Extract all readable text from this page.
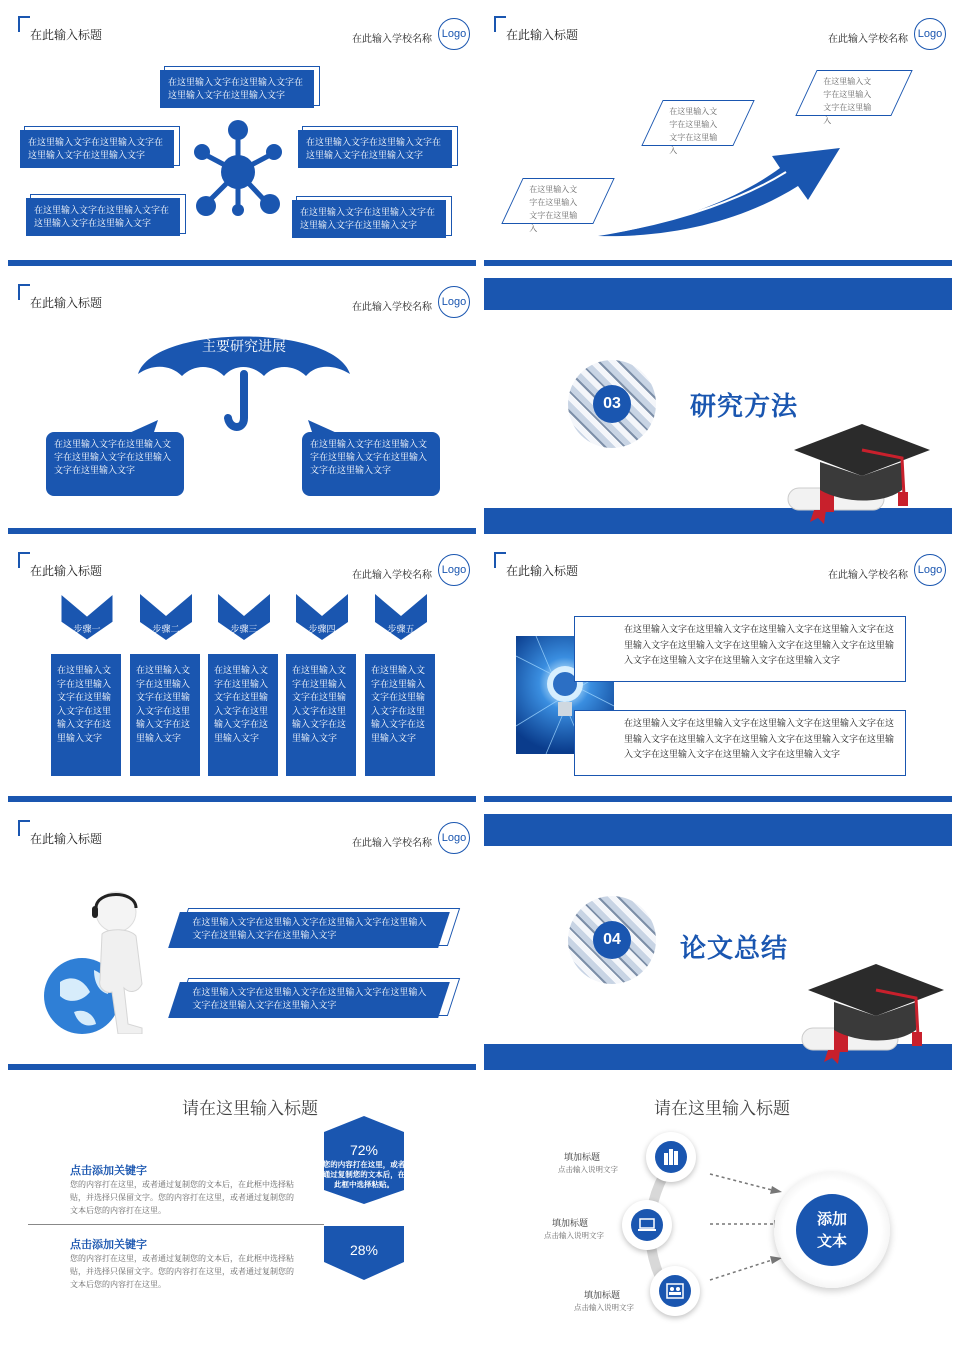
在此输入标题	在此输入学校名称 Logo
在这里输入文字在这里输入文字在这里输入文字在这里输入文字
在这里输入文字在这里输入文字在这里输入文字在这里输入文字
在这里输入文字在这里输入文字在这里输入文字在这里输入文字
在这里输入文字在这里输入文字在这里输入文字在这里输入文字
在这里输入文字在这里输入文字在这里输入文字在这里输入文字
在此输入标题	在此输入学校名称 Logo
在这里输入文字在这里输入文字在这里输入
在这里输入文字在这里输入文字在这里输入
在这里输入文字在这里输入文字在这里输入
在此输入标题	在此输入学校名称 Logo
主要研究进展
在这里输入文字在这里输入文字在这里输入文字在这里输入文字在这里输入文字
在这里输入文字在这里输入文字在这里输入文字在这里输入文字在这里输入文字
03	研究方法
在此输入标题	在此输入学校名称 Logo
步骤一
在这里输入文字在这里输入文字在这里输入文字在这里输入文字在这里输入文字
步骤二
在这里输入文字在这里输入文字在这里输入文字在这里输入文字在这里输入文字
步骤三
在这里输入文字在这里输入文字在这里输入文字在这里输入文字在这里输入文字
步骤四
在这里输入文字在这里输入文字在这里输入文字在这里输入文字在这里输入文字
步骤五
在这里输入文字在这里输入文字在这里输入文字在这里输入文字在这里输入文字
在此输入标题	在此输入学校名称 Logo
在这里输入文字在这里输入文字在这里输入文字在这里输入文字在这里输入文字在这里输入文字在这里输入文字在这里输入文字在这里输入文字在这里输入文字在这里输入文字在这里输入文字
在这里输入文字在这里输入文字在这里输入文字在这里输入文字在这里输入文字在这里输入文字在这里输入文字在这里输入文字在这里输入文字在这里输入文字在这里输入文字在这里输入文字
在此输入标题	在此输入学校名称 Logo
在这里输入文字在这里输入文字在这里输入文字在这里输入文字在这里输入文字在这里输入文字
在这里输入文字在这里输入文字在这里输入文字在这里输入文字在这里输入文字在这里输入文字
04	论文总结
请在这里输入标题
点击添加关键字
您的内容打在这里，或者通过复制您的文本后，在此框中选择粘贴，并选择只保留文字。您的内容打在这里，或者通过复制您的文本后您的内容打在这里。
点击添加关键字
您的内容打在这里，或者通过复制您的文本后，在此框中选择粘贴，并选择只保留文字。您的内容打在这里，或者通过复制您的文本后您的内容打在这里。
72%
您的内容打在这里，或者通过复制您的文本后，在此框中选择粘贴。
28%
请在这里输入标题
填加标题
点击输入说明文字
填加标题
点击输入说明文字
填加标题
点击输入说明文字
添加
文本
